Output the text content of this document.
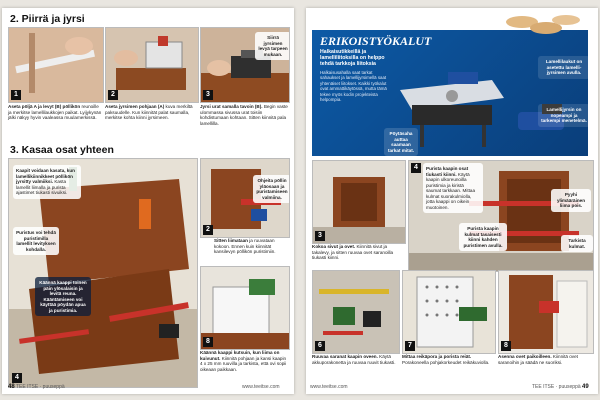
2. Piirrä ja jyrsi
1
Aseta pöljä A ja levyt (B) pöllikön reunoille ja merkitse lamellilaukkojen paikat. Lyijykynän jälki näkyy hyvin vaaleassa muulamerkissä.
2
Aseta jyrsimen pohjaan (A) kuva merkiltä paksuudelle. Kun kiinnität palat saumalla, merkitse kohta kiinni jyrsimeen.
Siirrä jyrsimen levyä tarpeen mukaan.
3
Jyrsi urat samalla tavoin (B). Begin vaste ulommassa sivussa urat toisiin kohdistumaan kohtaan. Sitten kiinnitä pala lamellilla.
3. Kasaa osat yhteen
Kaapit voidaan kasata, kun lamellikiinnikkeet pöllikön jyrsitty valmiiksi. Kasta lamellit liimalla ja purista ajastimet tiukasti sivuiksi.
Puristus voi tehdä puristimilla lamellit levityksen kohdalla.
Käännä kaappi toinen päin ylösalaisin ja levitä reuna. Kääntämiseen voi käyttää pöydän apua ja puristimia.
4
Ohjeita pöllin yläosaan ja puristamiseen valmiina.
2
Sitten liimataan ja ruuvataan kokoon. Ennen kuin kiinnität kansilevyn pöllikön puristimiin.
8
Käännä kaappi kutsuin, kun liima on kuivunut. Kiinnitä pohjaan ja kansi kaapin 4 x 25 mm ruuvilla ja tarkista, että ovi sopii oikeaan paikkaan.
48 TEE ITSE · puuseppä	www.teeitse.com
ERIKOISTYÖKALUT
Halkaisutikkeillä ja lamelliliitoksilla on helppo tehdä tarkkoja liitoksia
Halkaisusahalla saat tarkat sahaukset ja lamellijyrsimellä saat yhtenäiset liitokset. Kaikki työkalut ovat ammattikäytössä, mutta tämä tekee myös kodin projekteista helpompia.
Pöytäsaha auttaa saamaan tarkat mitat.
Lamellilaukut on asetettu lamelli-jyrsimen avulla.
Lamellijyrsin on nopeampi ja tarkempi menetelmä.
3
Kokoa sivut ja ovet. Kiinnitä sivut ja takalevy, ja sitten ruuvaa ovet saranoilla tiukasti kiinni.
4	Purista kaapin osat tiukasti kiinni. Käytä kaapin ulkoreunoilla puristimia ja kiristä saumat tarkkaan. Mittaa kulmat suorakulmiolla, jotta kaappi on oikein muotoinen.
Pyyhi ylimääräinen liima pois.
Purista kaapin kulmat tasaisesti kiinni kahden puristimen avulla.
Tarkista kulmat.
6
Ruuvaa saranat kaapin oveen. Käytä akkuporakonetta ja ruuvaa ruuvit tiukasti.
7
Mittaa reikäpora ja porista reiät. Porakoneella pohjakorkeudet reikäkuviolla.
8
Asenna ovet paikoilleen. Kiinnitä ovet saranoihin ja säädä ne suoriksi.
www.teeitse.com	TEE ITSE · puuseppä 49
